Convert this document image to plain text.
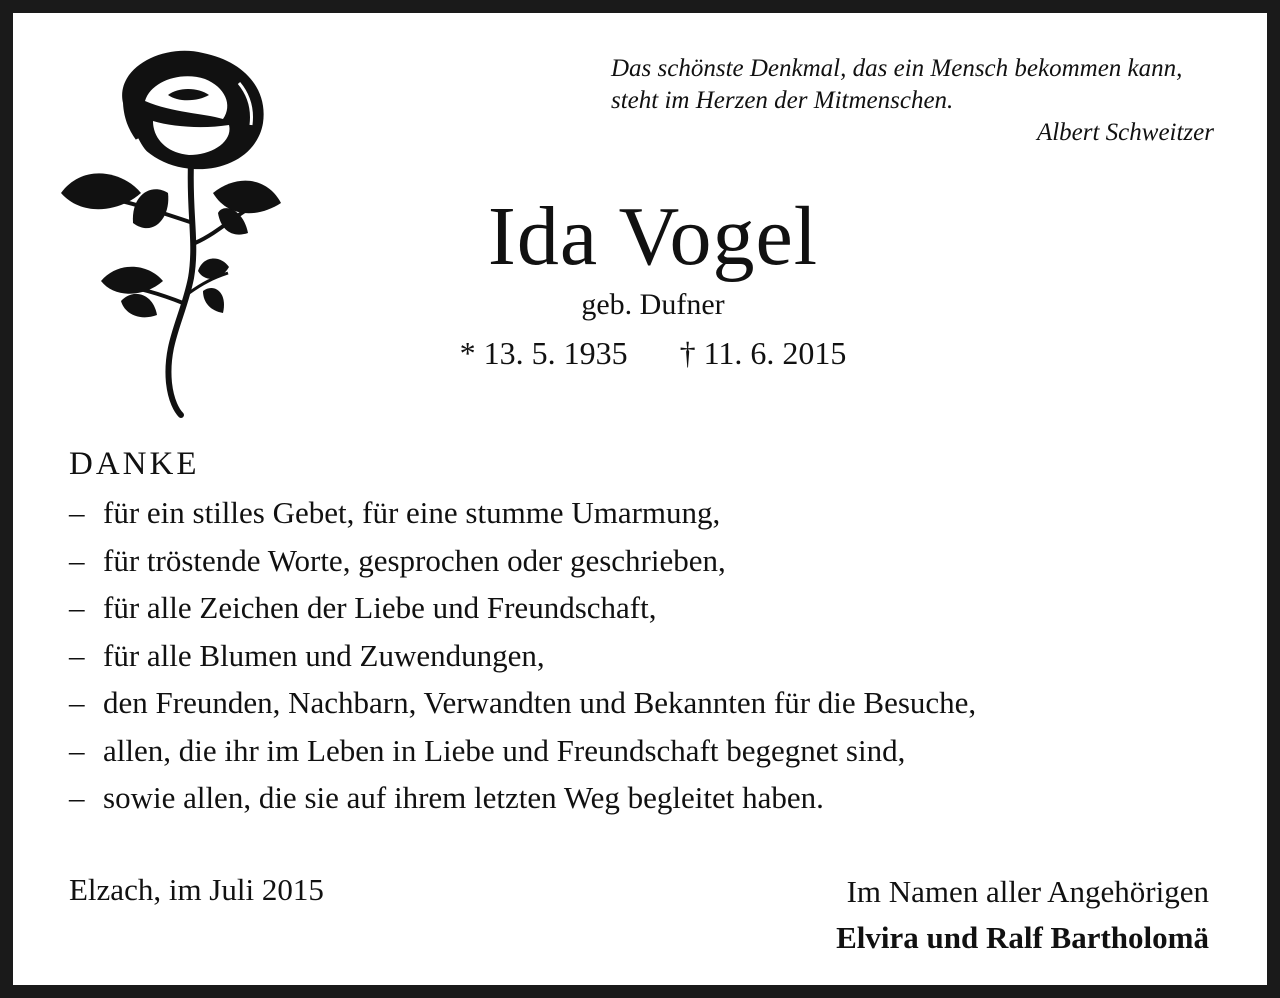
Das schönste Denkmal, das ein Mensch bekommen kann,
steht im Herzen der Mitmenschen.
Albert Schweitzer
Ida Vogel
geb. Dufner
* 13. 5. 1935 † 11. 6. 2015
DANKE
– für ein stilles Gebet, für eine stumme Umarmung,
– für tröstende Worte, gesprochen oder geschrieben,
– für alle Zeichen der Liebe und Freundschaft,
– für alle Blumen und Zuwendungen,
– den Freunden, Nachbarn, Verwandten und Bekannten für die Besuche,
– allen, die ihr im Leben in Liebe und Freundschaft begegnet sind,
– sowie allen, die sie auf ihrem letzten Weg begleitet haben.
Elzach, im Juli 2015	Im Namen aller Angehörigen
Elvira und Ralf Bartholomä
